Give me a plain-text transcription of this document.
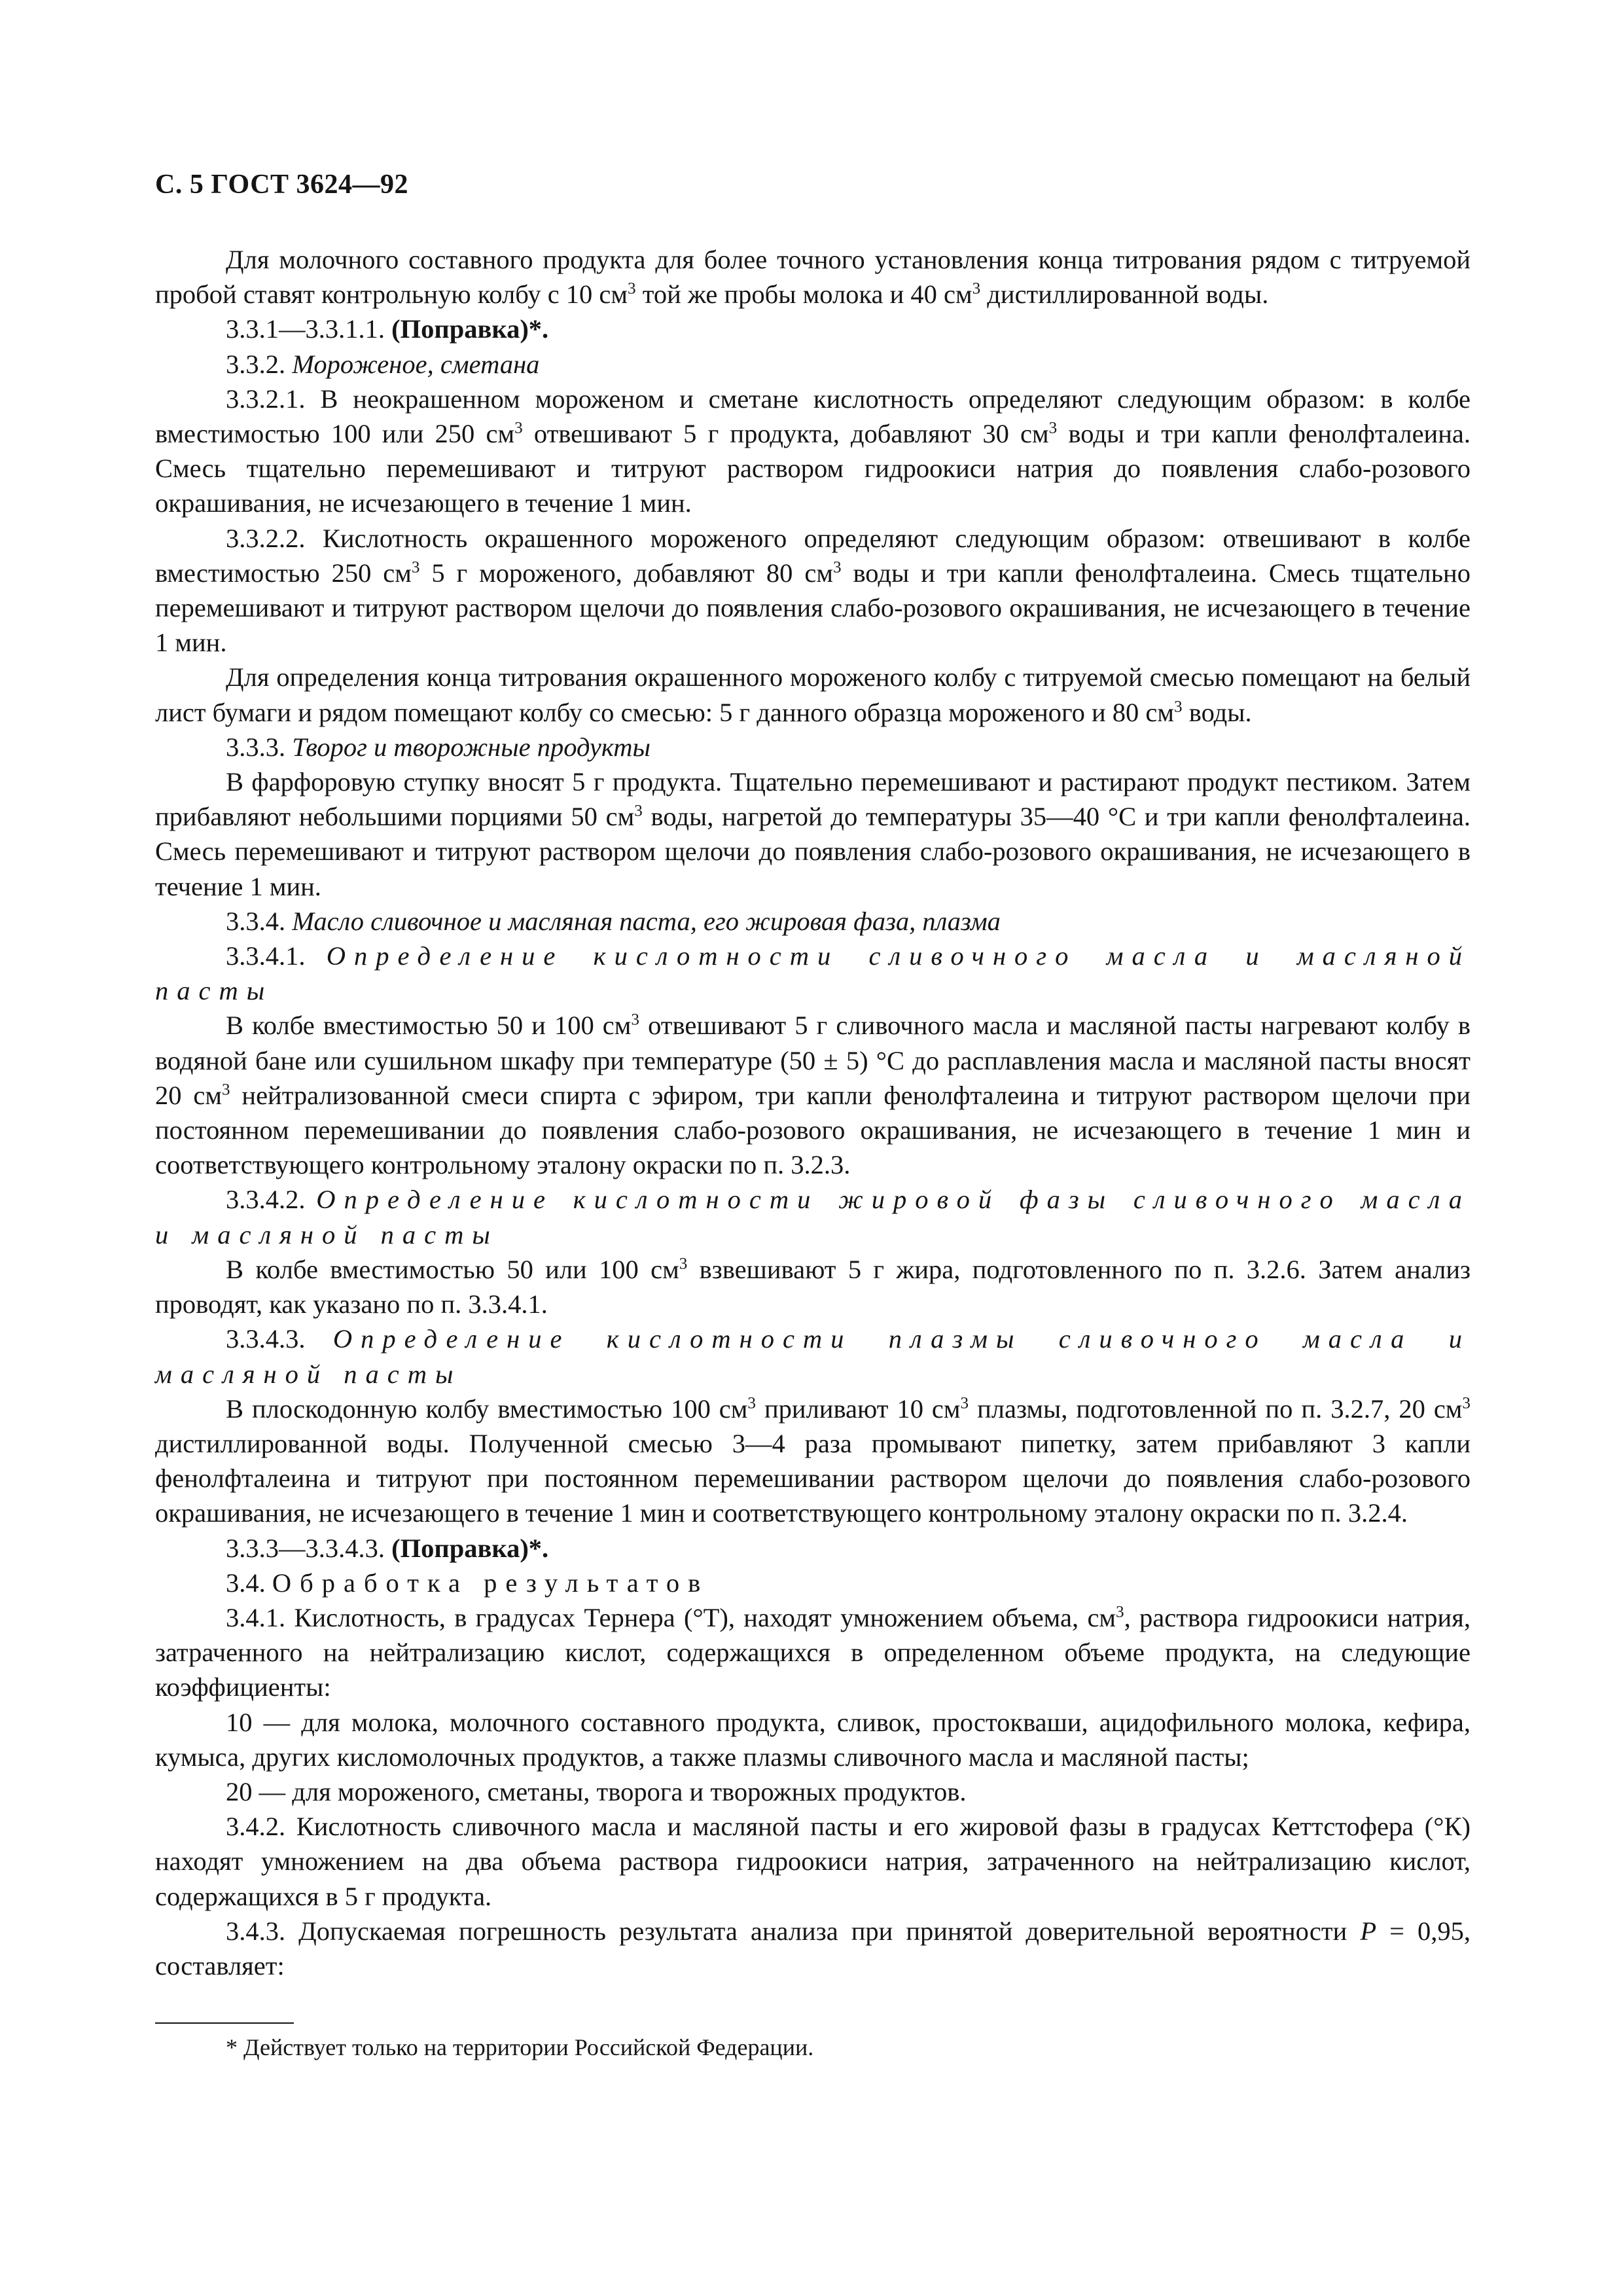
С. 5 ГОСТ 3624—92

Для молочного составного продукта для более точного установления конца титрования рядом с титруемой пробой ставят контрольную колбу с 10 $см^3$ той же пробы молока и 40 $см^3$ дистиллированной воды.

3.3.1—3.3.1.1. (Поправка)*.

3.3.2. Мороженое, сметана

3.3.2.1. В неокрашенном мороженом и сметане кислотность определяют следующим образом: в колбе вместимостью 100 или 250 $см^3$ отвешивают 5 г продукта, добавляют 30 $см^3$ воды и три капли фенолфталеина. Смесь тщательно перемешивают и титруют раствором гидроокиси натрия до появления слабо-розового окрашивания, не исчезающего в течение 1 мин.

3.3.2.2. Кислотность окрашенного мороженого определяют следующим образом: отвешивают в колбе вместимостью 250 $см^3$ 5 г мороженого, добавляют 80 $см^3$ воды и три капли фенолфталеина. Смесь тщательно перемешивают и титруют раствором щелочи до появления слабо-розового окрашивания, не исчезающего в течение 1 мин.

Для определения конца титрования окрашенного мороженого колбу с титруемой смесью помещают на белый лист бумаги и рядом помещают колбу со смесью: 5 г данного образца мороженого и 80 $см^3$ воды.

3.3.3. Творог и творожные продукты

В фарфоровую ступку вносят 5 г продукта. Тщательно перемешивают и растирают продукт пестиком. Затем прибавляют небольшими порциями 50 $см^3$ воды, нагретой до температуры 35—40 °С и три капли фенолфталеина. Смесь перемешивают и титруют раствором щелочи до появления слабо-розового окрашивания, не исчезающего в течение 1 мин.

3.3.4. Масло сливочное и масляная паста, его жировая фаза, плазма

3.3.4.1. Определение кислотности сливочного масла и масляной пасты

В колбе вместимостью 50 и 100 $см^3$ отвешивают 5 г сливочного масла и масляной пасты нагревают колбу в водяной бане или сушильном шкафу при температуре (50 ± 5) °С до расплавления масла и масляной пасты вносят 20 $см^3$ нейтрализованной смеси спирта с эфиром, три капли фенолфталеина и титруют раствором щелочи при постоянном перемешивании до появления слабо-розового окрашивания, не исчезающего в течение 1 мин и соответствующего контрольному эталону окраски по п. 3.2.3.

3.3.4.2. Определение кислотности жировой фазы сливочного масла и масляной пасты

В колбе вместимостью 50 или 100 $см^3$ взвешивают 5 г жира, подготовленного по п. 3.2.6. Затем анализ проводят, как указано по п. 3.3.4.1.

3.3.4.3. Определение кислотности плазмы сливочного масла и масляной пасты

В плоскодонную колбу вместимостью 100 $см^3$ приливают 10 $см^3$ плазмы, подготовленной по п. 3.2.7, 20 $см^3$ дистиллированной воды. Полученной смесью 3—4 раза промывают пипетку, затем прибавляют 3 капли фенолфталеина и титруют при постоянном перемешивании раствором щелочи до появления слабо-розового окрашивания, не исчезающего в течение 1 мин и соответствующего контрольному эталону окраски по п. 3.2.4.

3.3.3—3.3.4.3. (Поправка)*.

3.4. Обработка результатов

3.4.1. Кислотность, в градусах Тернера (°Т), находят умножением объема, $см^3$, раствора гидроокиси натрия, затраченного на нейтрализацию кислот, содержащихся в определенном объеме продукта, на следующие коэффициенты:

10 — для молока, молочного составного продукта, сливок, простокваши, ацидофильного молока, кефира, кумыса, других кисломолочных продуктов, а также плазмы сливочного масла и масляной пасты;

20 — для мороженого, сметаны, творога и творожных продуктов.

3.4.2. Кислотность сливочного масла и масляной пасты и его жировой фазы в градусах Кеттстофера (°К) находят умножением на два объема раствора гидроокиси натрия, затраченного на нейтрализацию кислот, содержащихся в 5 г продукта.

3.4.3. Допускаемая погрешность результата анализа при принятой доверительной вероятности P = 0,95, составляет:

* Действует только на территории Российской Федерации.
